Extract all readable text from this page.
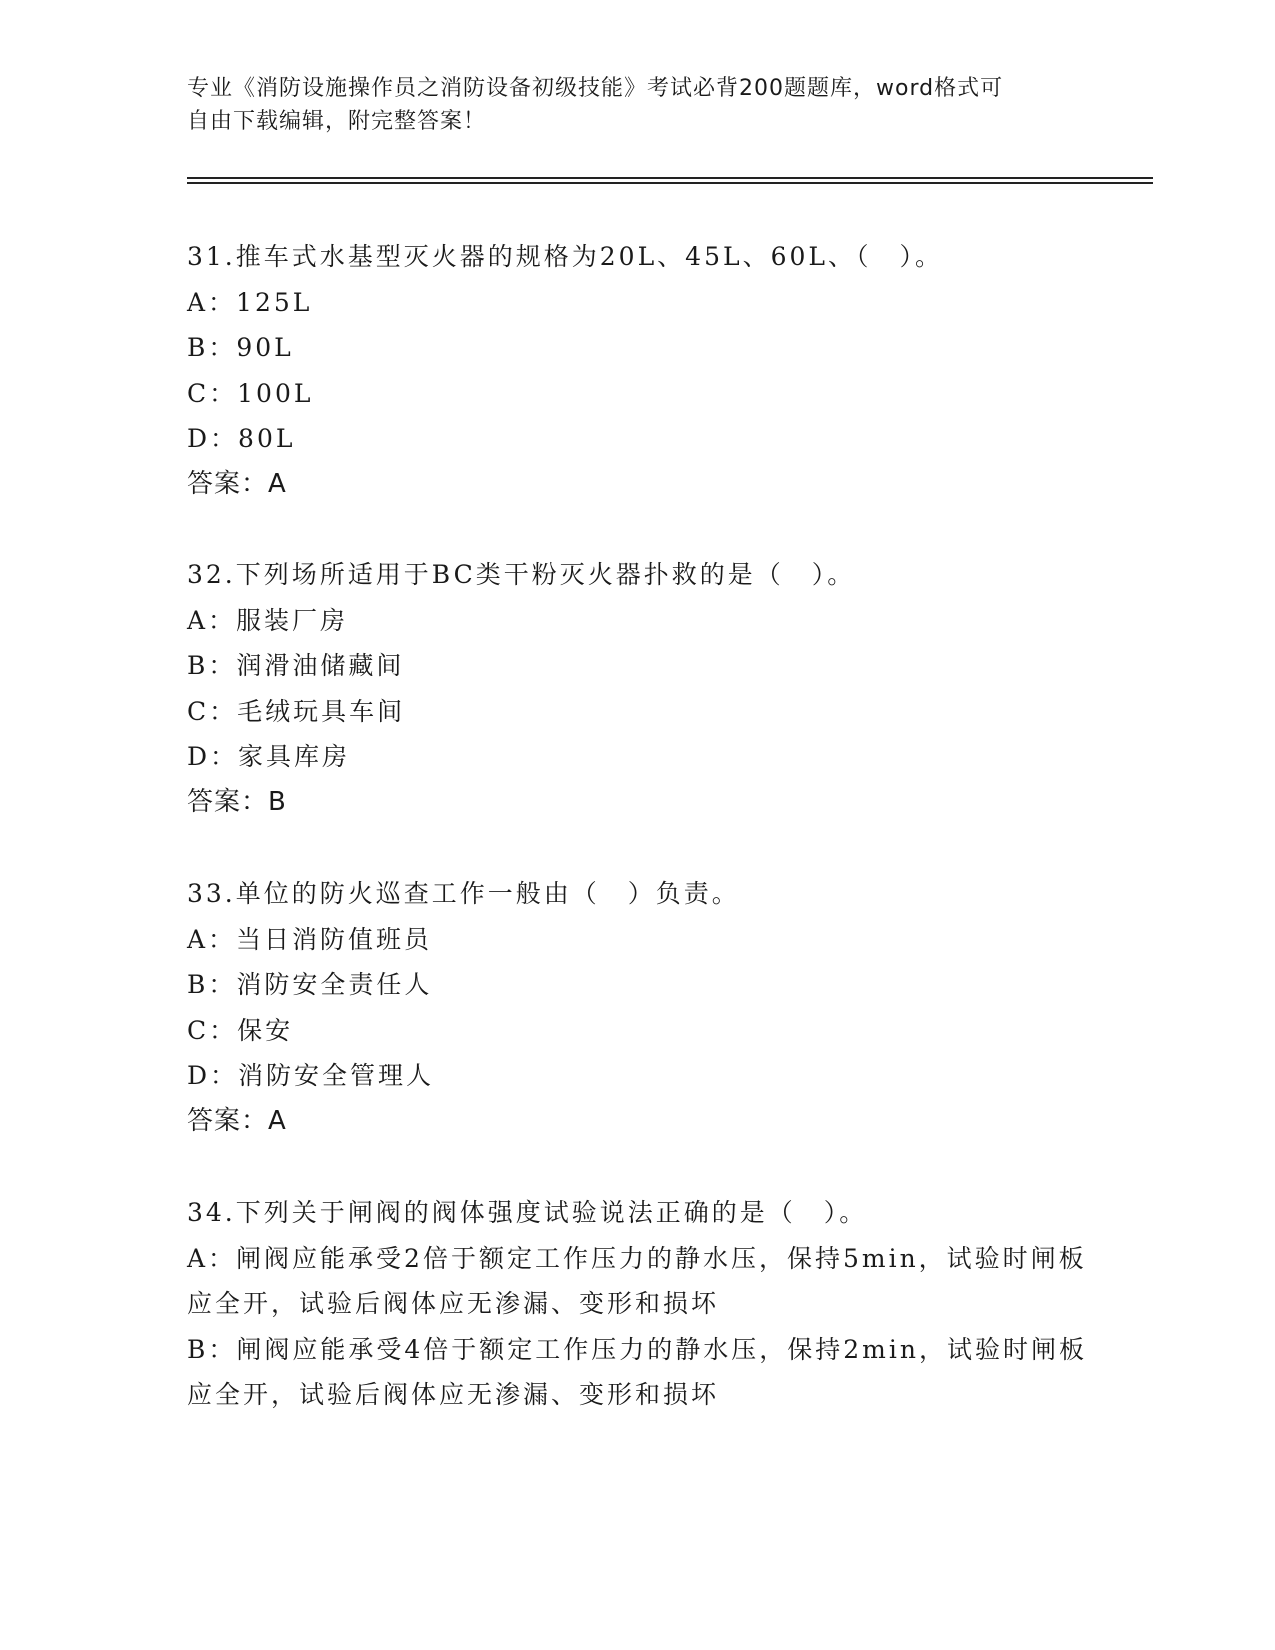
专业《消防设施操作员之消防设备初级技能》考试必背200题题库，word格式可
自由下载编辑，附完整答案！
31.推车式水基型灭火器的规格为20L、45L、60L、（　）。
A：125L
B：90L
C：100L
D：80L
答案：A
32.下列场所适用于BC类干粉灭火器扑救的是（　）。
A：服装厂房
B：润滑油储藏间
C：毛绒玩具车间
D：家具库房
答案：B
33.单位的防火巡查工作一般由（　）负责。
A：当日消防值班员
B：消防安全责任人
C：保安
D：消防安全管理人
答案：A
34.下列关于闸阀的阀体强度试验说法正确的是（　）。
A：闸阀应能承受2倍于额定工作压力的静水压，保持5min，试验时闸板应全开，试验后阀体应无渗漏、变形和损坏
B：闸阀应能承受4倍于额定工作压力的静水压，保持2min，试验时闸板应全开，试验后阀体应无渗漏、变形和损坏
